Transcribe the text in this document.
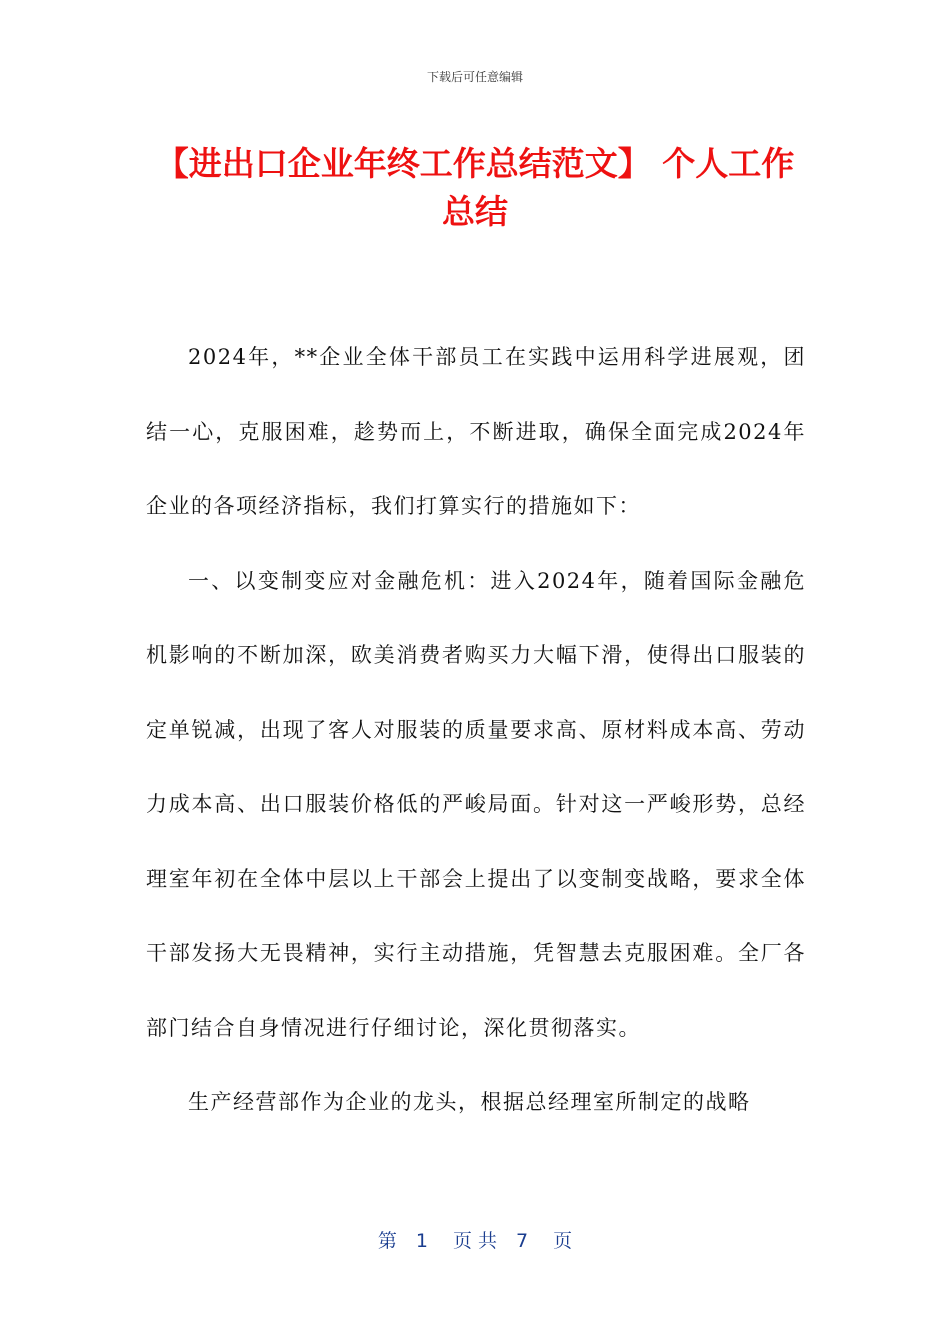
下载后可任意编辑
【进出口企业年终工作总结范文】 个人工作总结

2024年，**企业全体干部员工在实践中运用科学进展观，团结一心，克服困难，趁势而上，不断进取，确保全面完成2024年企业的各项经济指标，我们打算实行的措施如下：

一、以变制变应对金融危机：进入2024年，随着国际金融危机影响的不断加深，欧美消费者购买力大幅下滑，使得出口服装的定单锐减，出现了客人对服装的质量要求高、原材料成本高、劳动力成本高、出口服装价格低的严峻局面。针对这一严峻形势，总经理室年初在全体中层以上干部会上提出了以变制变战略，要求全体干部发扬大无畏精神，实行主动措施，凭智慧去克服困难。全厂各部门结合自身情况进行仔细讨论，深化贯彻落实。

生产经营部作为企业的龙头，根据总经理室所制定的战略

第　1　 页 共　7　 页
